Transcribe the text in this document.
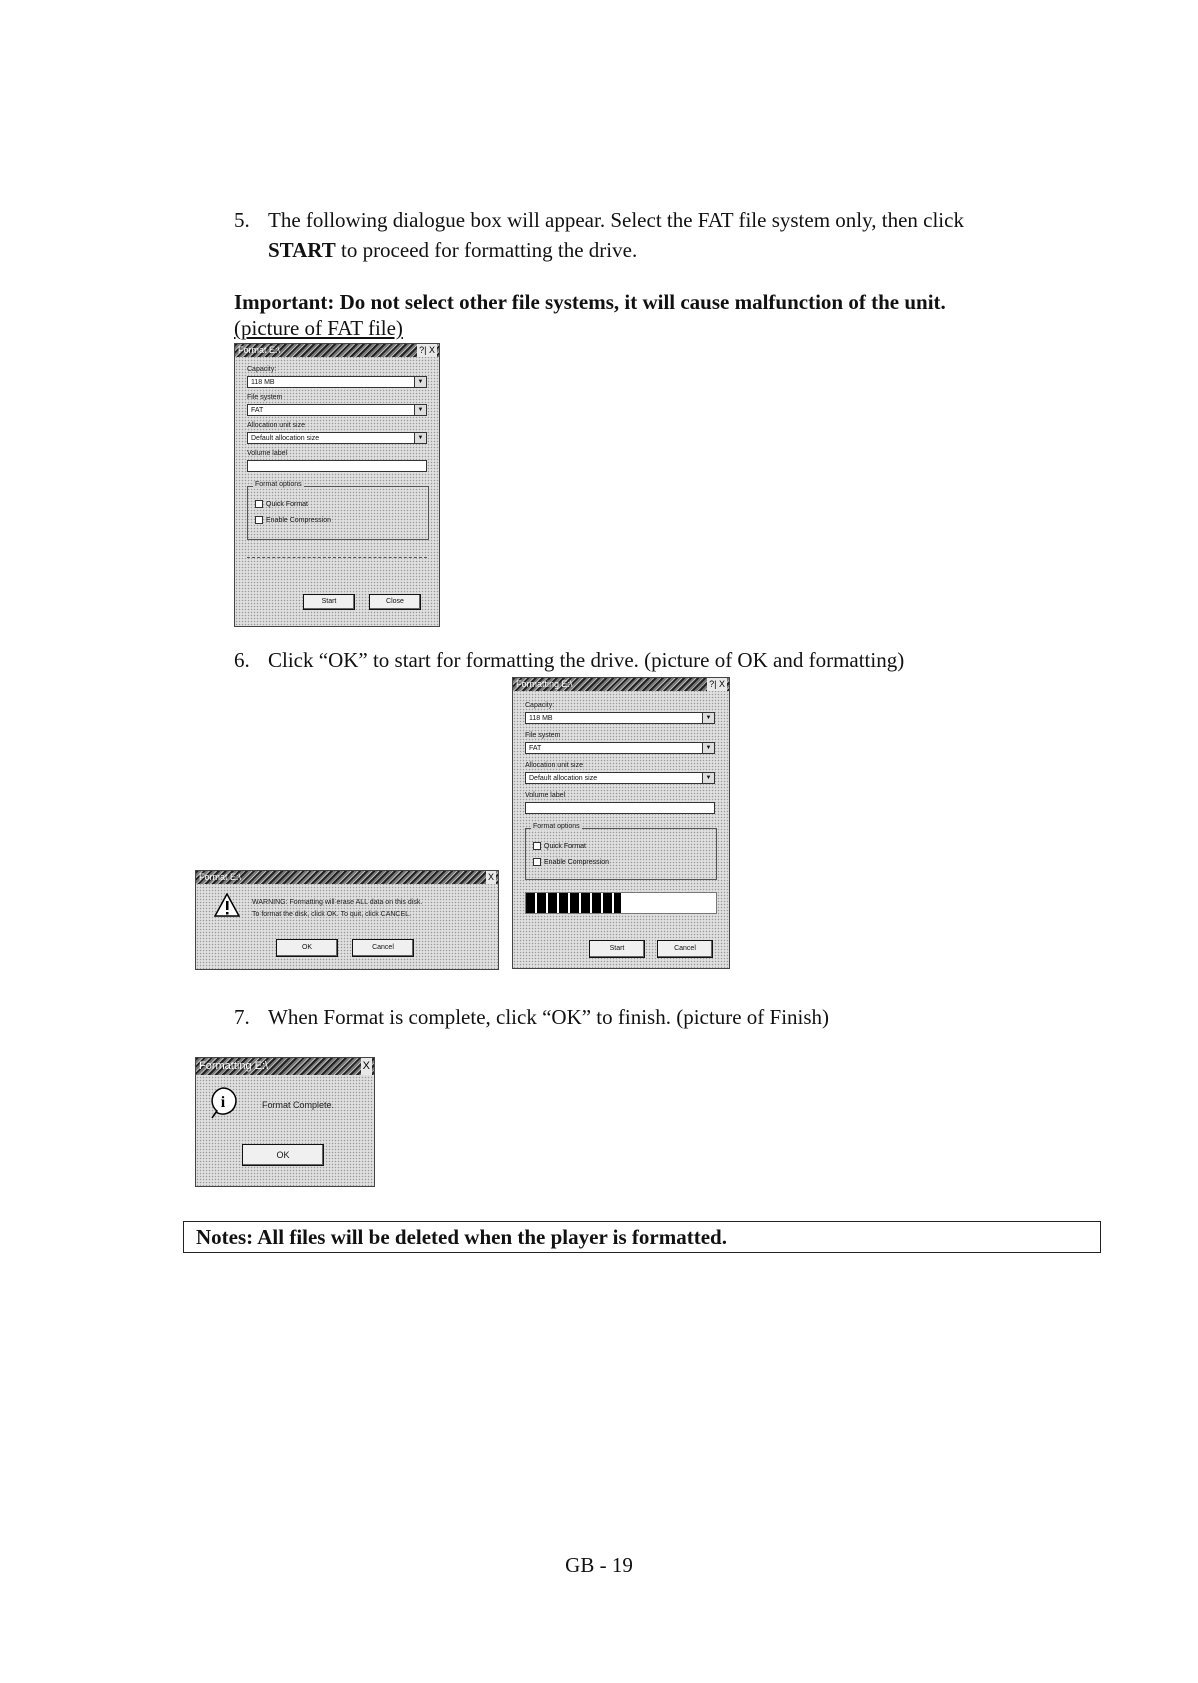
5. The following dialogue box will appear. Select the FAT file system only, then click
START to proceed for formatting the drive.
Important: Do not select other file systems, it will cause malfunction of the unit.
(picture of FAT file)
Format E:\	?| X
Capacity:
118 MB	▼
File system
FAT	▼
Allocation unit size
Default allocation size	▼
Volume label
Format options
Quick Format
Enable Compression
Start	Close
6. Click “OK” to start for formatting the drive. (picture of OK and formatting)
Format E:\	X
WARNING: Formatting will erase ALL data on this disk.
To format the disk, click OK. To quit, click CANCEL.
OK	Cancel
Formatting E:\	?| X
Capacity:
118 MB	▼
File system
FAT	▼
Allocation unit size
Default allocation size	▼
Volume label
Format options
Quick Format
Enable Compression
Start	Cancel
7. When Format is complete, click “OK” to finish. (picture of Finish)
Formatting E:\	X
i	Format Complete.
OK
Notes: All files will be deleted when the player is formatted.
GB - 19
